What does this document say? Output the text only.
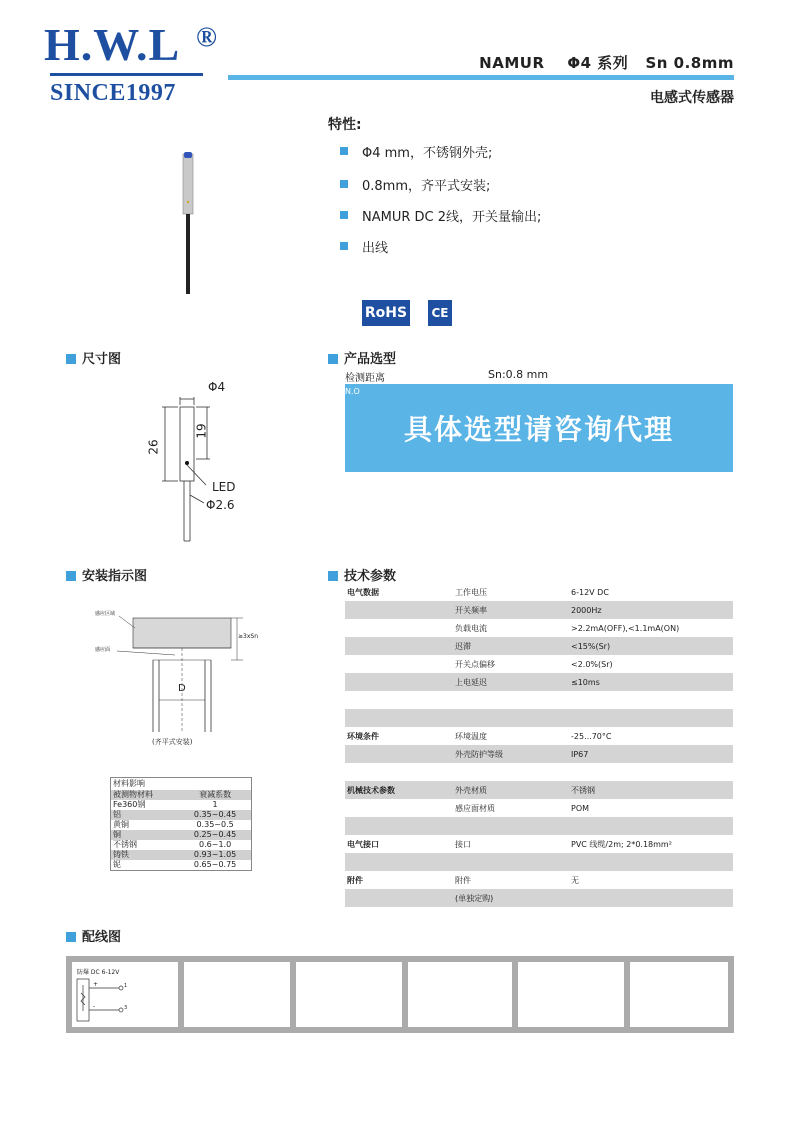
H.W.L ®
SINCE1997
NAMUR    Φ4 系列   Sn 0.8mm
电感式传感器
特性:
Φ4 mm，不锈钢外壳;
0.8mm，齐平式安装;
NAMUR DC 2线，开关量输出;
出线
RoHS CE
尺寸图	产品选型
安装指示图	技术参数
配线图
Φ4
26
19
LED
Φ2.6
检测距离	Sn:0.8 mm
N.O
具体选型请咨询代理
感应区域
感应面
≥3xSn
D
(齐平式安装)
材料影响	
被测物材料	衰减系数
Fe360钢	1
铝	0.35~0.45
黄铜	0.35~0.5
铜	0.25~0.45
不锈钢	0.6~1.0
铸铁	0.93~1.05
铌	0.65~0.75
电气数据	工作电压	6-12V DC
	开关频率	2000Hz
	负载电流	>2.2mA(OFF),<1.1mA(ON)
	迟滞	<15%(Sr)
	开关点偏移	<2.0%(Sr)
	上电延迟	≤10ms

环境条件	环境温度	-25...70°C
	外壳防护等级	IP67

机械技术参数	外壳材质	不锈钢
	感应面材质	POM

电气接口	接口	PVC 线缆/2m; 2*0.18mm²

附件	附件	无
	(单独定购)	
防爆 DC 6-12V
+
-
1
3
